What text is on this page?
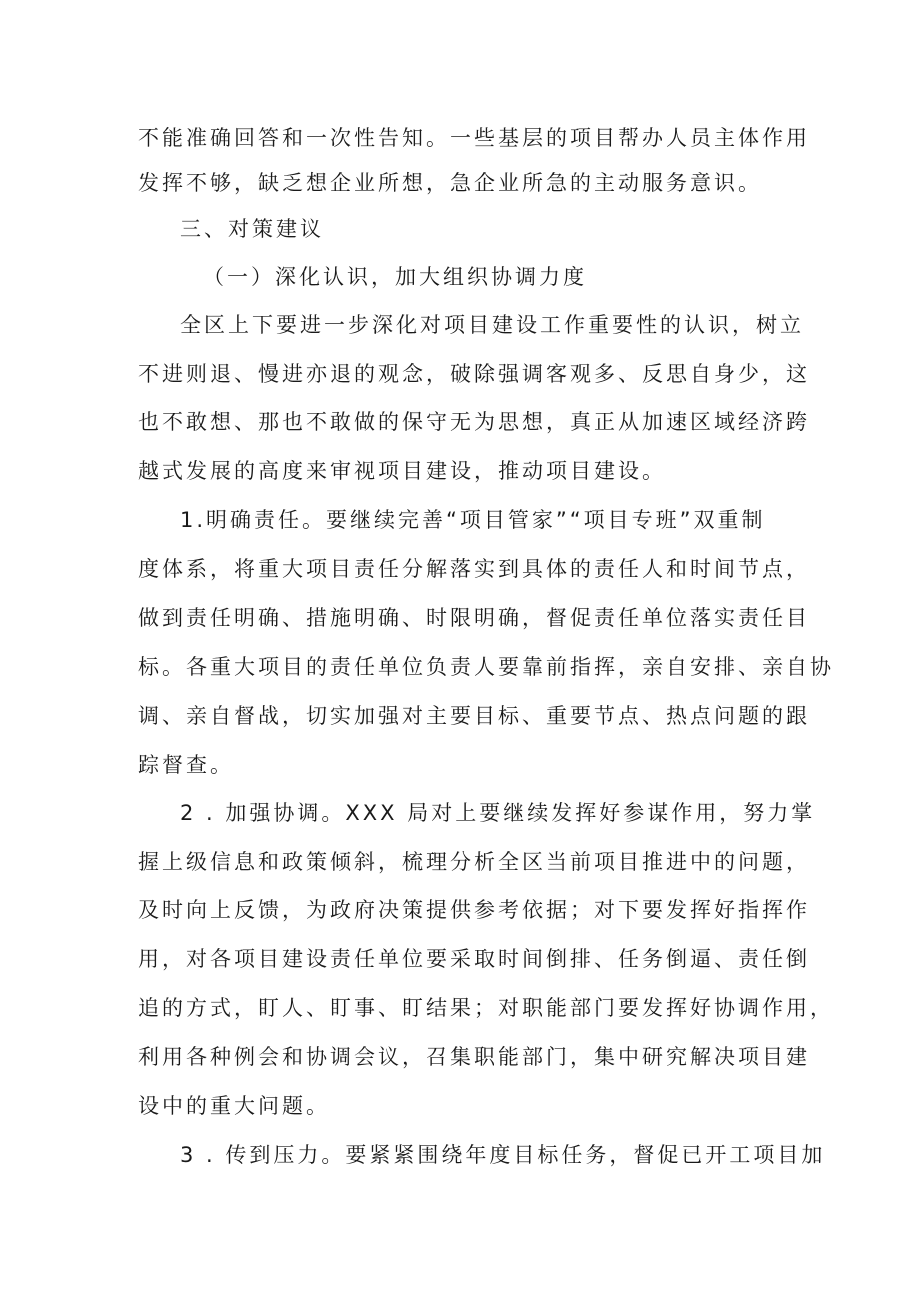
不能准确回答和一次性告知。一些基层的项目帮办人员主体作用
发挥不够，缺乏想企业所想，急企业所急的主动服务意识。
三、对策建议
（一）深化认识，加大组织协调力度
全区上下要进一步深化对项目建设工作重要性的认识，树立
不进则退、慢进亦退的观念，破除强调客观多、反思自身少，这
也不敢想、那也不敢做的保守无为思想，真正从加速区域经济跨
越式发展的高度来审视项目建设，推动项目建设。
1.明确责任。要继续完善“项目管家”“项目专班”双重制
度体系，将重大项目责任分解落实到具体的责任人和时间节点，
做到责任明确、措施明确、时限明确，督促责任单位落实责任目
标。各重大项目的责任单位负责人要靠前指挥，亲自安排、亲自协
调、亲自督战，切实加强对主要目标、重要节点、热点问题的跟
踪督查。
2 . 加强协调。XXX 局对上要继续发挥好参谋作用，努力掌
握上级信息和政策倾斜，梳理分析全区当前项目推进中的问题，
及时向上反馈，为政府决策提供参考依据；对下要发挥好指挥作
用，对各项目建设责任单位要采取时间倒排、任务倒逼、责任倒
追的方式，盯人、盯事、盯结果；对职能部门要发挥好协调作用，
利用各种例会和协调会议，召集职能部门，集中研究解决项目建
设中的重大问题。
3 . 传到压力。要紧紧围绕年度目标任务，督促已开工项目加
